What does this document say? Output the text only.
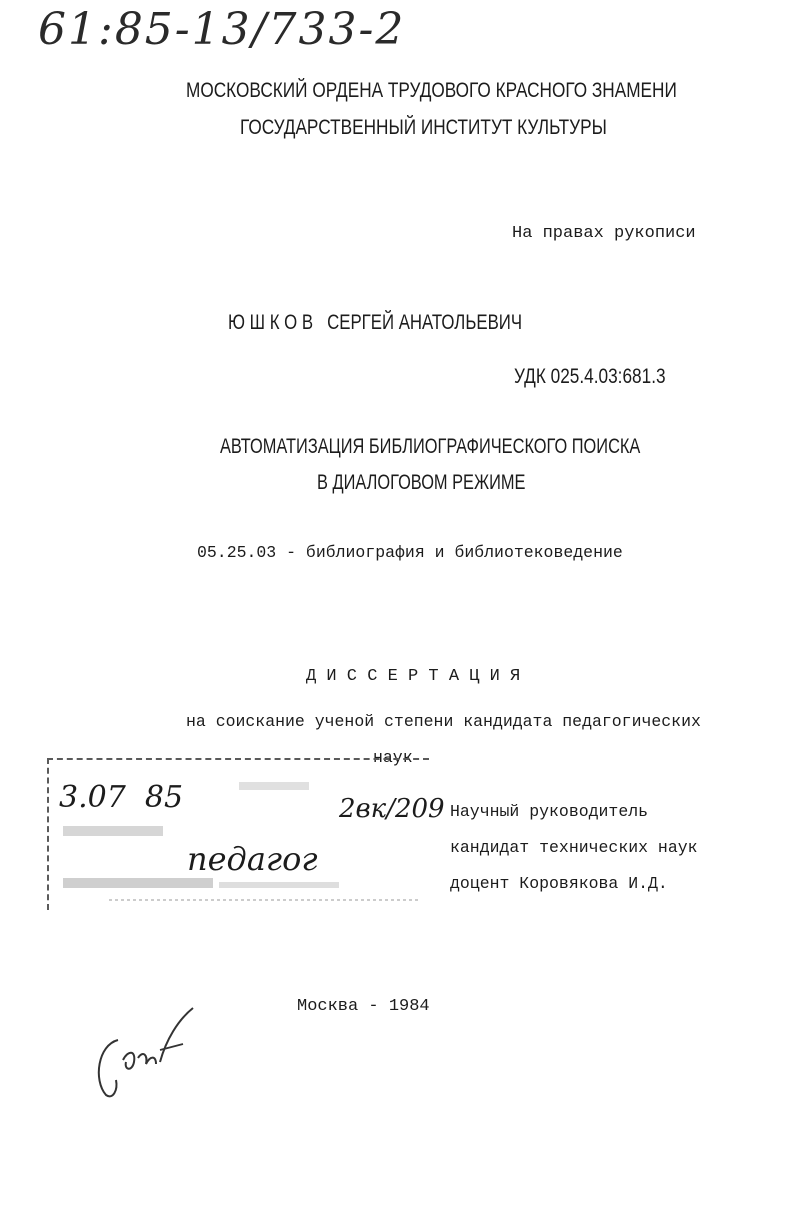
61:85-13/733-2
МОСКОВСКИЙ ОРДЕНА ТРУДОВОГО КРАСНОГО ЗНАМЕНИ
ГОСУДАРСТВЕННЫЙ ИНСТИТУТ КУЛЬТУРЫ
На правах рукописи
Ю Ш К О В   СЕРГЕЙ АНАТОЛЬЕВИЧ
УДК 025.4.03:681.3
АВТОМАТИЗАЦИЯ БИБЛИОГРАФИЧЕСКОГО ПОИСКА
В ДИАЛОГОВОМ РЕЖИМЕ
05.25.03 - библиография и библиотековедение
Д И С С Е Р Т А Ц И Я
на соискание ученой степени кандидата педагогических
наук
3.07  85	2вк/209
педагог
Научный руководитель
кандидат технических наук
доцент Коровякова И.Д.
Москва - 1984
